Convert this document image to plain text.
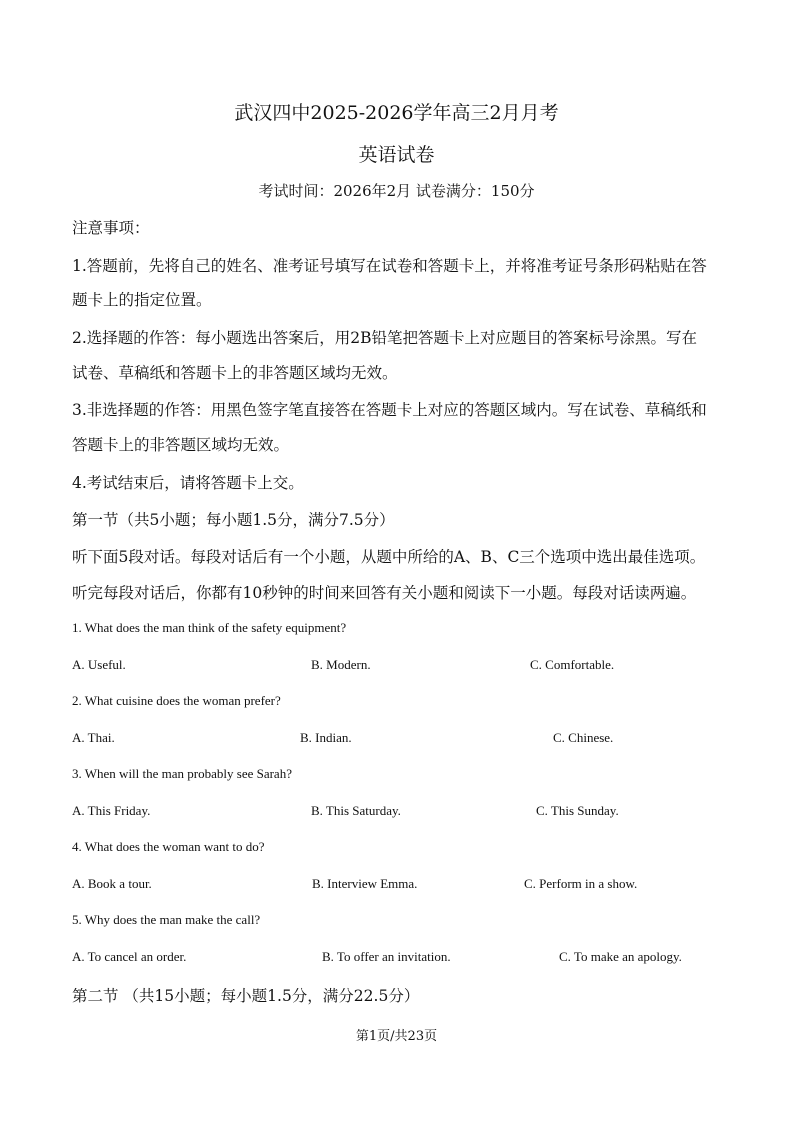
武汉四中2025-2026学年高三2月月考
英语试卷
考试时间：2026年2月 试卷满分：150分
注意事项：
1.答题前，先将自己的姓名、准考证号填写在试卷和答题卡上，并将准考证号条形码粘贴在答
题卡上的指定位置。
2.选择题的作答：每小题选出答案后，用2B铅笔把答题卡上对应题目的答案标号涂黑。写在
试卷、草稿纸和答题卡上的非答题区域均无效。
3.非选择题的作答：用黑色签字笔直接答在答题卡上对应的答题区域内。写在试卷、草稿纸和
答题卡上的非答题区域均无效。
4.考试结束后，请将答题卡上交。
第一节（共5小题；每小题1.5分，满分7.5分）
听下面5段对话。每段对话后有一个小题，从题中所给的A、B、C三个选项中选出最佳选项。
听完每段对话后，你都有10秒钟的时间来回答有关小题和阅读下一小题。每段对话读两遍。
1. What does the man think of the safety equipment?
A. Useful.	B. Modern.	C. Comfortable.
2. What cuisine does the woman prefer?
A. Thai.	B. Indian.	C. Chinese.
3. When will the man probably see Sarah?
A. This Friday.	B. This Saturday.	C. This Sunday.
4. What does the woman want to do?
A. Book a tour.	B. Interview Emma.	C. Perform in a show.
5. Why does the man make the call?
A. To cancel an order.	B. To offer an invitation.	C. To make an apology.
第二节 （共15小题；每小题1.5分，满分22.5分）
第1页/共23页
